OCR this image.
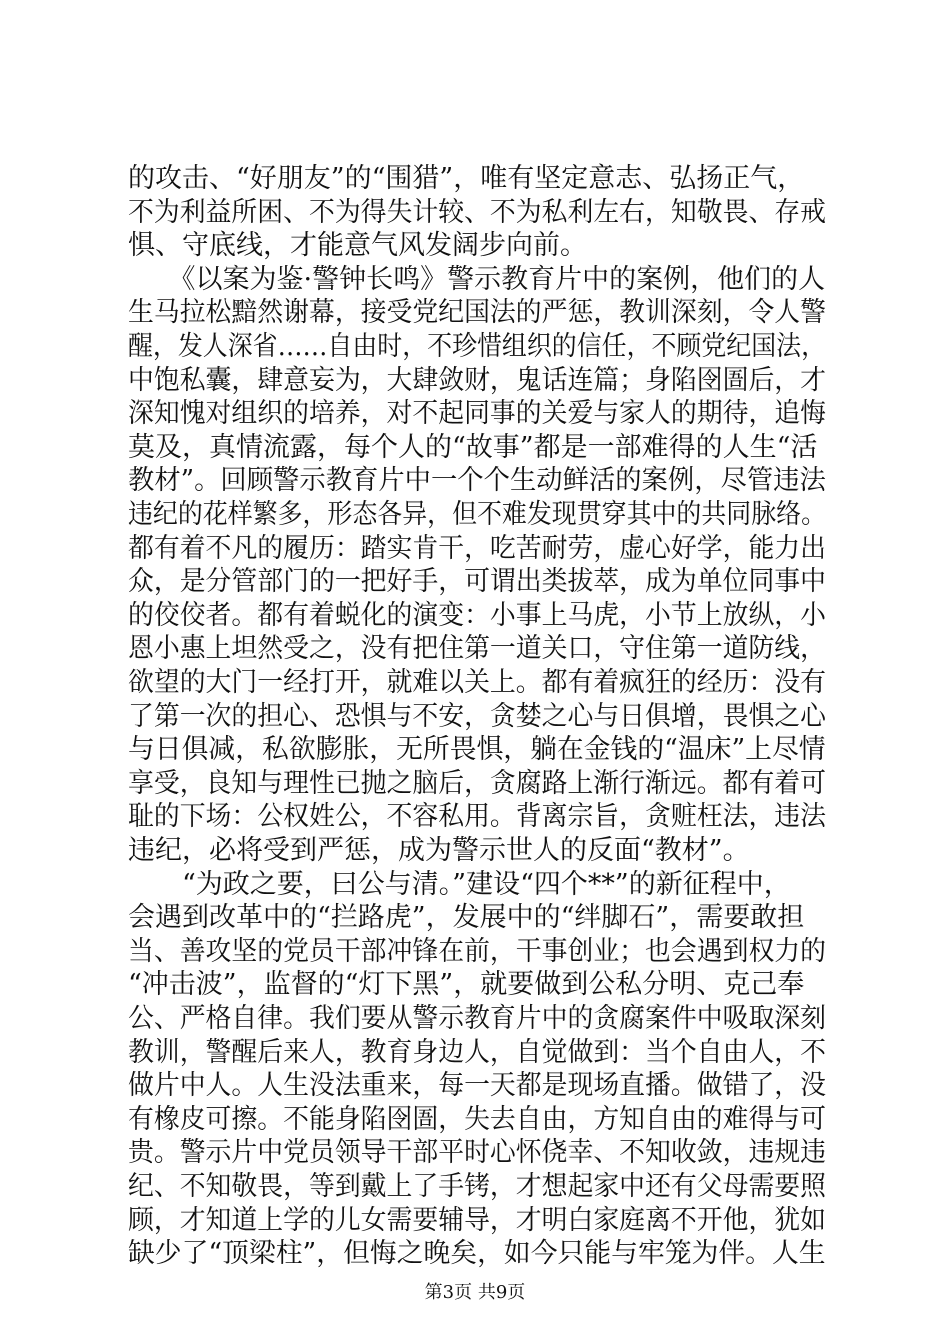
的攻击、“好朋友”的“围猎”，唯有坚定意志、弘扬正气，
不为利益所困、不为得失计较、不为私利左右，知敬畏、存戒
惧、守底线，才能意气风发阔步向前。
　　《以案为鉴·警钟长鸣》警示教育片中的案例，他们的人
生马拉松黯然谢幕，接受党纪国法的严惩，教训深刻，令人警
醒，发人深省……自由时，不珍惜组织的信任，不顾党纪国法，
中饱私囊，肆意妄为，大肆敛财，鬼话连篇；身陷囹圄后，才
深知愧对组织的培养，对不起同事的关爱与家人的期待，追悔
莫及，真情流露，每个人的“故事”都是一部难得的人生“活
教材”。回顾警示教育片中一个个生动鲜活的案例，尽管违法
违纪的花样繁多，形态各异，但不难发现贯穿其中的共同脉络。
都有着不凡的履历：踏实肯干，吃苦耐劳，虚心好学，能力出
众，是分管部门的一把好手，可谓出类拔萃，成为单位同事中
的佼佼者。都有着蜕化的演变：小事上马虎，小节上放纵，小
恩小惠上坦然受之，没有把住第一道关口，守住第一道防线，
欲望的大门一经打开，就难以关上。都有着疯狂的经历：没有
了第一次的担心、恐惧与不安，贪婪之心与日俱增，畏惧之心
与日俱减，私欲膨胀，无所畏惧，躺在金钱的“温床”上尽情
享受，良知与理性已抛之脑后，贪腐路上渐行渐远。都有着可
耻的下场：公权姓公，不容私用。背离宗旨，贪赃枉法，违法
违纪，必将受到严惩，成为警示世人的反面“教材”。
　　“为政之要，曰公与清。”建设“四个**”的新征程中，
会遇到改革中的“拦路虎”，发展中的“绊脚石”，需要敢担
当、善攻坚的党员干部冲锋在前，干事创业；也会遇到权力的
“冲击波”，监督的“灯下黑”，就要做到公私分明、克己奉
公、严格自律。我们要从警示教育片中的贪腐案件中吸取深刻
教训，警醒后来人，教育身边人，自觉做到：当个自由人，不
做片中人。人生没法重来，每一天都是现场直播。做错了，没
有橡皮可擦。不能身陷囹圄，失去自由，方知自由的难得与可
贵。警示片中党员领导干部平时心怀侥幸、不知收敛，违规违
纪、不知敬畏，等到戴上了手铐，才想起家中还有父母需要照
顾，才知道上学的儿女需要辅导，才明白家庭离不开他，犹如
缺少了“顶梁柱”，但悔之晚矣，如今只能与牢笼为伴。人生
第3页 共9页
